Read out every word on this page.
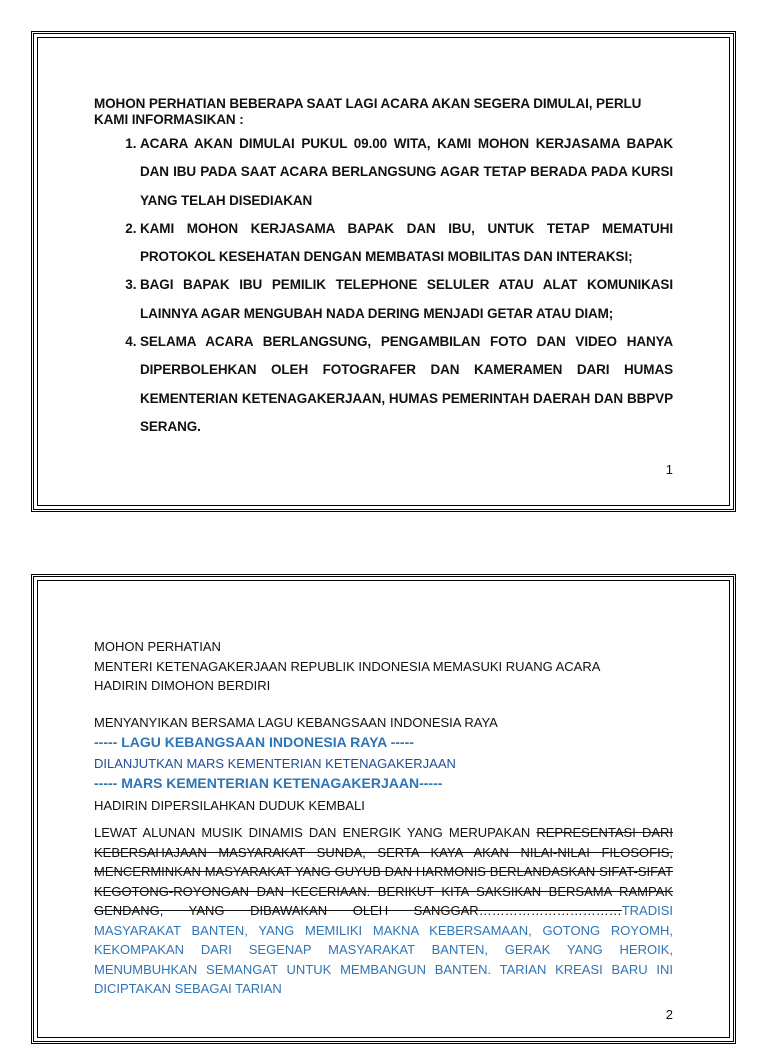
MOHON PERHATIAN BEBERAPA SAAT LAGI ACARA AKAN SEGERA DIMULAI, PERLU KAMI INFORMASIKAN :
1. ACARA AKAN DIMULAI PUKUL 09.00 WITA, KAMI MOHON KERJASAMA BAPAK DAN IBU PADA SAAT ACARA BERLANGSUNG AGAR TETAP BERADA PADA KURSI YANG TELAH DISEDIAKAN
2. KAMI MOHON KERJASAMA BAPAK DAN IBU, UNTUK TETAP MEMATUHI PROTOKOL KESEHATAN DENGAN MEMBATASI MOBILITAS DAN INTERAKSI;
3. BAGI BAPAK IBU PEMILIK TELEPHONE SELULER ATAU ALAT KOMUNIKASI LAINNYA AGAR MENGUBAH NADA DERING MENJADI GETAR ATAU DIAM;
4. SELAMA ACARA BERLANGSUNG, PENGAMBILAN FOTO DAN VIDEO HANYA DIPERBOLEHKAN OLEH FOTOGRAFER DAN KAMERAMEN DARI HUMAS KEMENTERIAN KETENAGAKERJAAN, HUMAS PEMERINTAH DAERAH DAN BBPVP SERANG.
1
MOHON PERHATIAN
MENTERI KETENAGAKERJAAN REPUBLIK INDONESIA MEMASUKI RUANG ACARA
HADIRIN DIMOHON BERDIRI
MENYANYIKAN BERSAMA LAGU KEBANGSAAN INDONESIA RAYA
----- LAGU KEBANGSAAN INDONESIA RAYA -----
DILANJUTKAN MARS KEMENTERIAN KETENAGAKERJAAN
----- MARS KEMENTERIAN KETENAGAKERJAAN-----
HADIRIN DIPERSILAHKAN DUDUK KEMBALI
LEWAT ALUNAN MUSIK DINAMIS DAN ENERGIK YANG MERUPAKAN REPRESENTASI DARI KEBERSAHAJAAN MASYARAKAT SUNDA, SERTA KAYA AKAN NILAI-NILAI FILOSOFIS, MENCERMINKAN MASYARAKAT YANG GUYUB DAN HARMONIS BERLANDASKAN SIFAT-SIFAT KEGOTONG-ROYONGAN DAN KECERIAAN. BERIKUT KITA SAKSIKAN BERSAMA RAMPAK GENDANG, YANG DIBAWAKAN OLEH SANGGAR……………………………TRADISI MASYARAKAT BANTEN, YANG MEMILIKI MAKNA KEBERSAMAAN, GOTONG ROYOMH, KEKOMPAKAN DARI SEGENAP MASYARAKAT BANTEN, GERAK YANG HEROIK, MENUMBUHKAN SEMANGAT UNTUK MEMBANGUN BANTEN. TARIAN KREASI BARU INI DICIPTAKAN SEBAGAI TARIAN
2
